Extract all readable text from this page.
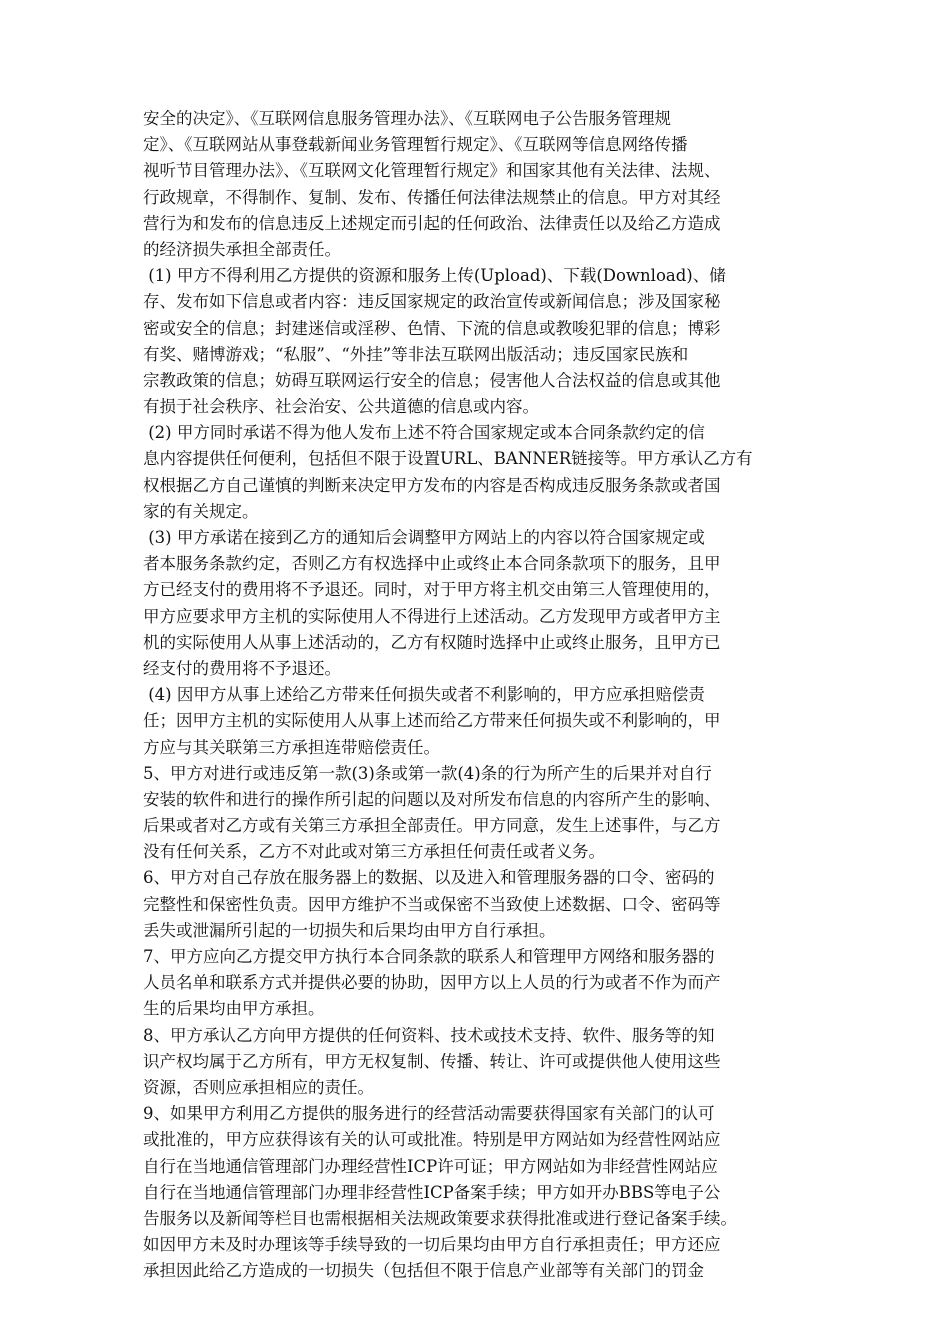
安全的决定》、《互联网信息服务管理办法》、《互联网电子公告服务管理规
定》、《互联网站从事登载新闻业务管理暂行规定》、《互联网等信息网络传播
视听节目管理办法》、《互联网文化管理暂行规定》和国家其他有关法律、法规、
行政规章，不得制作、复制、发布、传播任何法律法规禁止的信息。甲方对其经
营行为和发布的信息违反上述规定而引起的任何政治、法律责任以及给乙方造成
的经济损失承担全部责任。
(1) 甲方不得利用乙方提供的资源和服务上传(Upload)、下载(Download)、储
存、发布如下信息或者内容：违反国家规定的政治宣传或新闻信息；涉及国家秘
密或安全的信息；封建迷信或淫秽、色情、下流的信息或教唆犯罪的信息；博彩
有奖、赌博游戏；“私服”、“外挂”等非法互联网出版活动；违反国家民族和
宗教政策的信息；妨碍互联网运行安全的信息；侵害他人合法权益的信息或其他
有损于社会秩序、社会治安、公共道德的信息或内容。
(2) 甲方同时承诺不得为他人发布上述不符合国家规定或本合同条款约定的信
息内容提供任何便利，包括但不限于设置URL、BANNER链接等。甲方承认乙方有
权根据乙方自己谨慎的判断来决定甲方发布的内容是否构成违反服务条款或者国
家的有关规定。
(3) 甲方承诺在接到乙方的通知后会调整甲方网站上的内容以符合国家规定或
者本服务条款约定，否则乙方有权选择中止或终止本合同条款项下的服务，且甲
方已经支付的费用将不予退还。同时，对于甲方将主机交由第三人管理使用的，
甲方应要求甲方主机的实际使用人不得进行上述活动。乙方发现甲方或者甲方主
机的实际使用人从事上述活动的，乙方有权随时选择中止或终止服务，且甲方已
经支付的费用将不予退还。
(4) 因甲方从事上述给乙方带来任何损失或者不利影响的，甲方应承担赔偿责
任；因甲方主机的实际使用人从事上述而给乙方带来任何损失或不利影响的，甲
方应与其关联第三方承担连带赔偿责任。
5、甲方对进行或违反第一款(3)条或第一款(4)条的行为所产生的后果并对自行
安装的软件和进行的操作所引起的问题以及对所发布信息的内容所产生的影响、
后果或者对乙方或有关第三方承担全部责任。甲方同意，发生上述事件，与乙方
没有任何关系，乙方不对此或对第三方承担任何责任或者义务。
6、甲方对自己存放在服务器上的数据、以及进入和管理服务器的口令、密码的
完整性和保密性负责。因甲方维护不当或保密不当致使上述数据、口令、密码等
丢失或泄漏所引起的一切损失和后果均由甲方自行承担。
7、甲方应向乙方提交甲方执行本合同条款的联系人和管理甲方网络和服务器的
人员名单和联系方式并提供必要的协助，因甲方以上人员的行为或者不作为而产
生的后果均由甲方承担。
8、甲方承认乙方向甲方提供的任何资料、技术或技术支持、软件、服务等的知
识产权均属于乙方所有，甲方无权复制、传播、转让、许可或提供他人使用这些
资源，否则应承担相应的责任。
9、如果甲方利用乙方提供的服务进行的经营活动需要获得国家有关部门的认可
或批准的，甲方应获得该有关的认可或批准。特别是甲方网站如为经营性网站应
自行在当地通信管理部门办理经营性ICP许可证；甲方网站如为非经营性网站应
自行在当地通信管理部门办理非经营性ICP备案手续；甲方如开办BBS等电子公
告服务以及新闻等栏目也需根据相关法规政策要求获得批准或进行登记备案手续。
如因甲方未及时办理该等手续导致的一切后果均由甲方自行承担责任；甲方还应
承担因此给乙方造成的一切损失（包括但不限于信息产业部等有关部门的罚金
